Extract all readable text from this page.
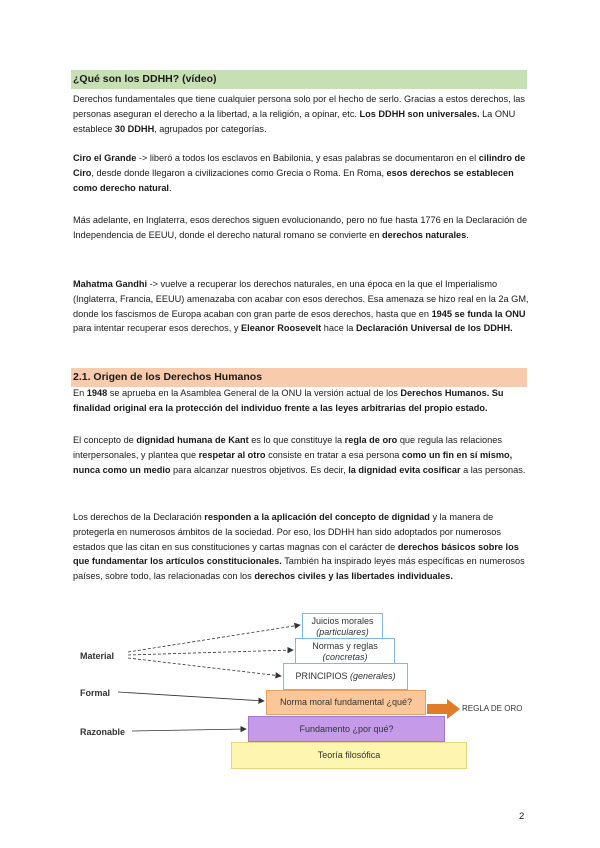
¿Qué son los DDHH? (vídeo)

Derechos fundamentales que tiene cualquier persona solo por el hecho de serlo. Gracias a estos derechos, las personas aseguran el derecho a la libertad, a la religión, a opinar, etc. Los DDHH son universales. La ONU establece 30 DDHH, agrupados por categorías.

Ciro el Grande -> liberó a todos los esclavos en Babilonia, y esas palabras se documentaron en el cilindro de Ciro, desde donde llegaron a civilizaciones como Grecia o Roma. En Roma, esos derechos se establecen como derecho natural.

Más adelante, en Inglaterra, esos derechos siguen evolucionando, pero no fue hasta 1776 en la Declaración de Independencia de EEUU, donde el derecho natural romano se convierte en derechos naturales.

Mahatma Gandhi -> vuelve a recuperar los derechos naturales, en una época en la que el Imperialismo (Inglaterra, Francia, EEUU) amenazaba con acabar con esos derechos. Esa amenaza se hizo real en la 2a GM, donde los fascismos de Europa acaban con gran parte de esos derechos, hasta que en 1945 se funda la ONU para intentar recuperar esos derechos, y Eleanor Roosevelt hace la Declaración Universal de los DDHH.

2.1. Origen de los Derechos Humanos

En 1948 se aprueba en la Asamblea General de la ONU la versión actual de los Derechos Humanos. Su finalidad original era la protección del individuo frente a las leyes arbitrarias del propio estado.

El concepto de dignidad humana de Kant es lo que constituye la regla de oro que regula las relaciones interpersonales, y plantea que respetar al otro consiste en tratar a esa persona como un fin en sí mismo, nunca como un medio para alcanzar nuestros objetivos. Es decir, la dignidad evita cosificar a las personas.

Los derechos de la Declaración responden a la aplicación del concepto de dignidad y la manera de protegerla en numerosos ámbitos de la sociedad. Por eso, los DDHH han sido adoptados por numerosos estados que las citan en sus constituciones y cartas magnas con el carácter de derechos básicos sobre los que fundamentar los artículos constitucionales. También ha inspirado leyes más específicas en numerosos países, sobre todo, las relacionadas con los derechos civiles y las libertades individuales.

Material
Formal
Razonable
Juicios morales
(particulares)
Normas y reglas
(concretas)
PRINCIPIOS (generales)
Norma moral fundamental ¿qué?
Fundamento ¿por qué?
Teoría filosófica
REGLA DE ORO
2
